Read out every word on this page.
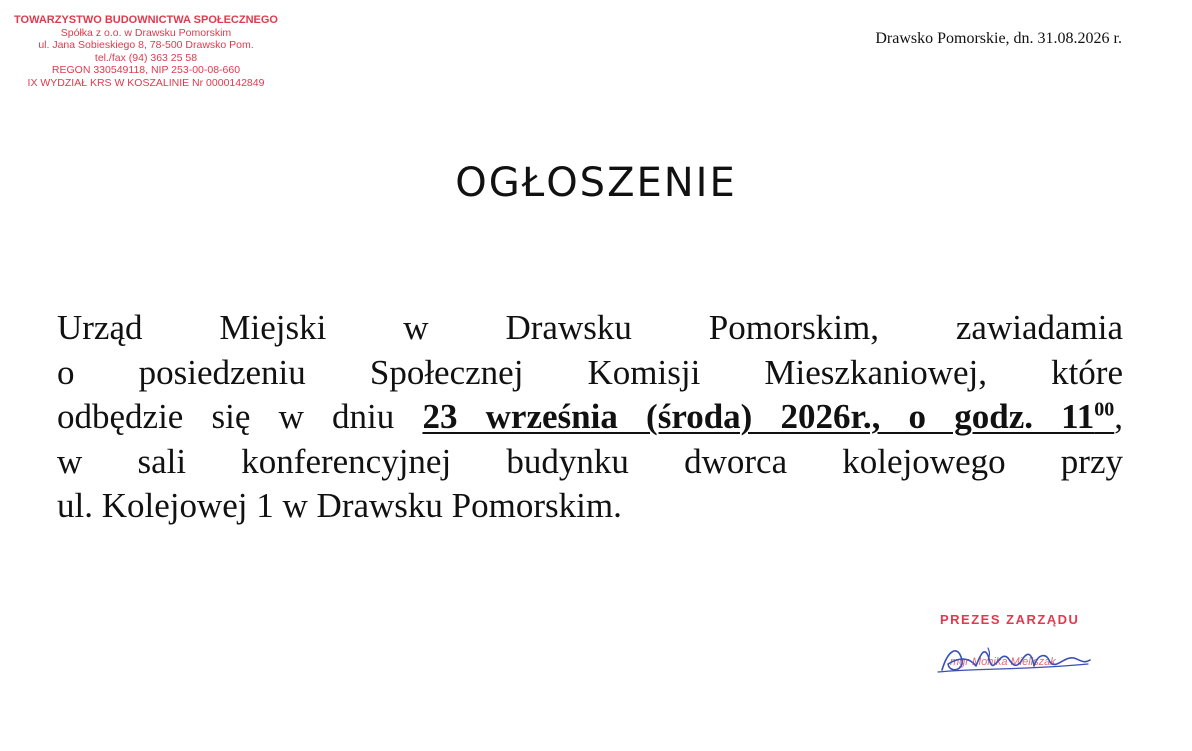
TOWARZYSTWO BUDOWNICTWA SPOŁECZNEGO
Spółka z o.o. w Drawsku Pomorskim
ul. Jana Sobieskiego 8, 78-500 Drawsko Pom.
tel./fax (94) 363 25 58
REGON 330549118, NIP 253-00-08-660
IX WYDZIAŁ KRS W KOSZALINIE Nr 0000142849
Drawsko Pomorskie, dn. 31.08.2026 r.
OGŁOSZENIE
Urząd Miejski w Drawsku Pomorskim, zawiadamia
o posiedzeniu Społecznej Komisji Mieszkaniowej, które
odbędzie się w dniu 23 września (środa) 2026r., o godz. $11^{00}$,
w sali konferencyjnej budynku dworca kolejowego przy
ul. Kolejowej 1 w Drawsku Pomorskim.
PREZES ZARZĄDU
mgr Monika Mieliszak
